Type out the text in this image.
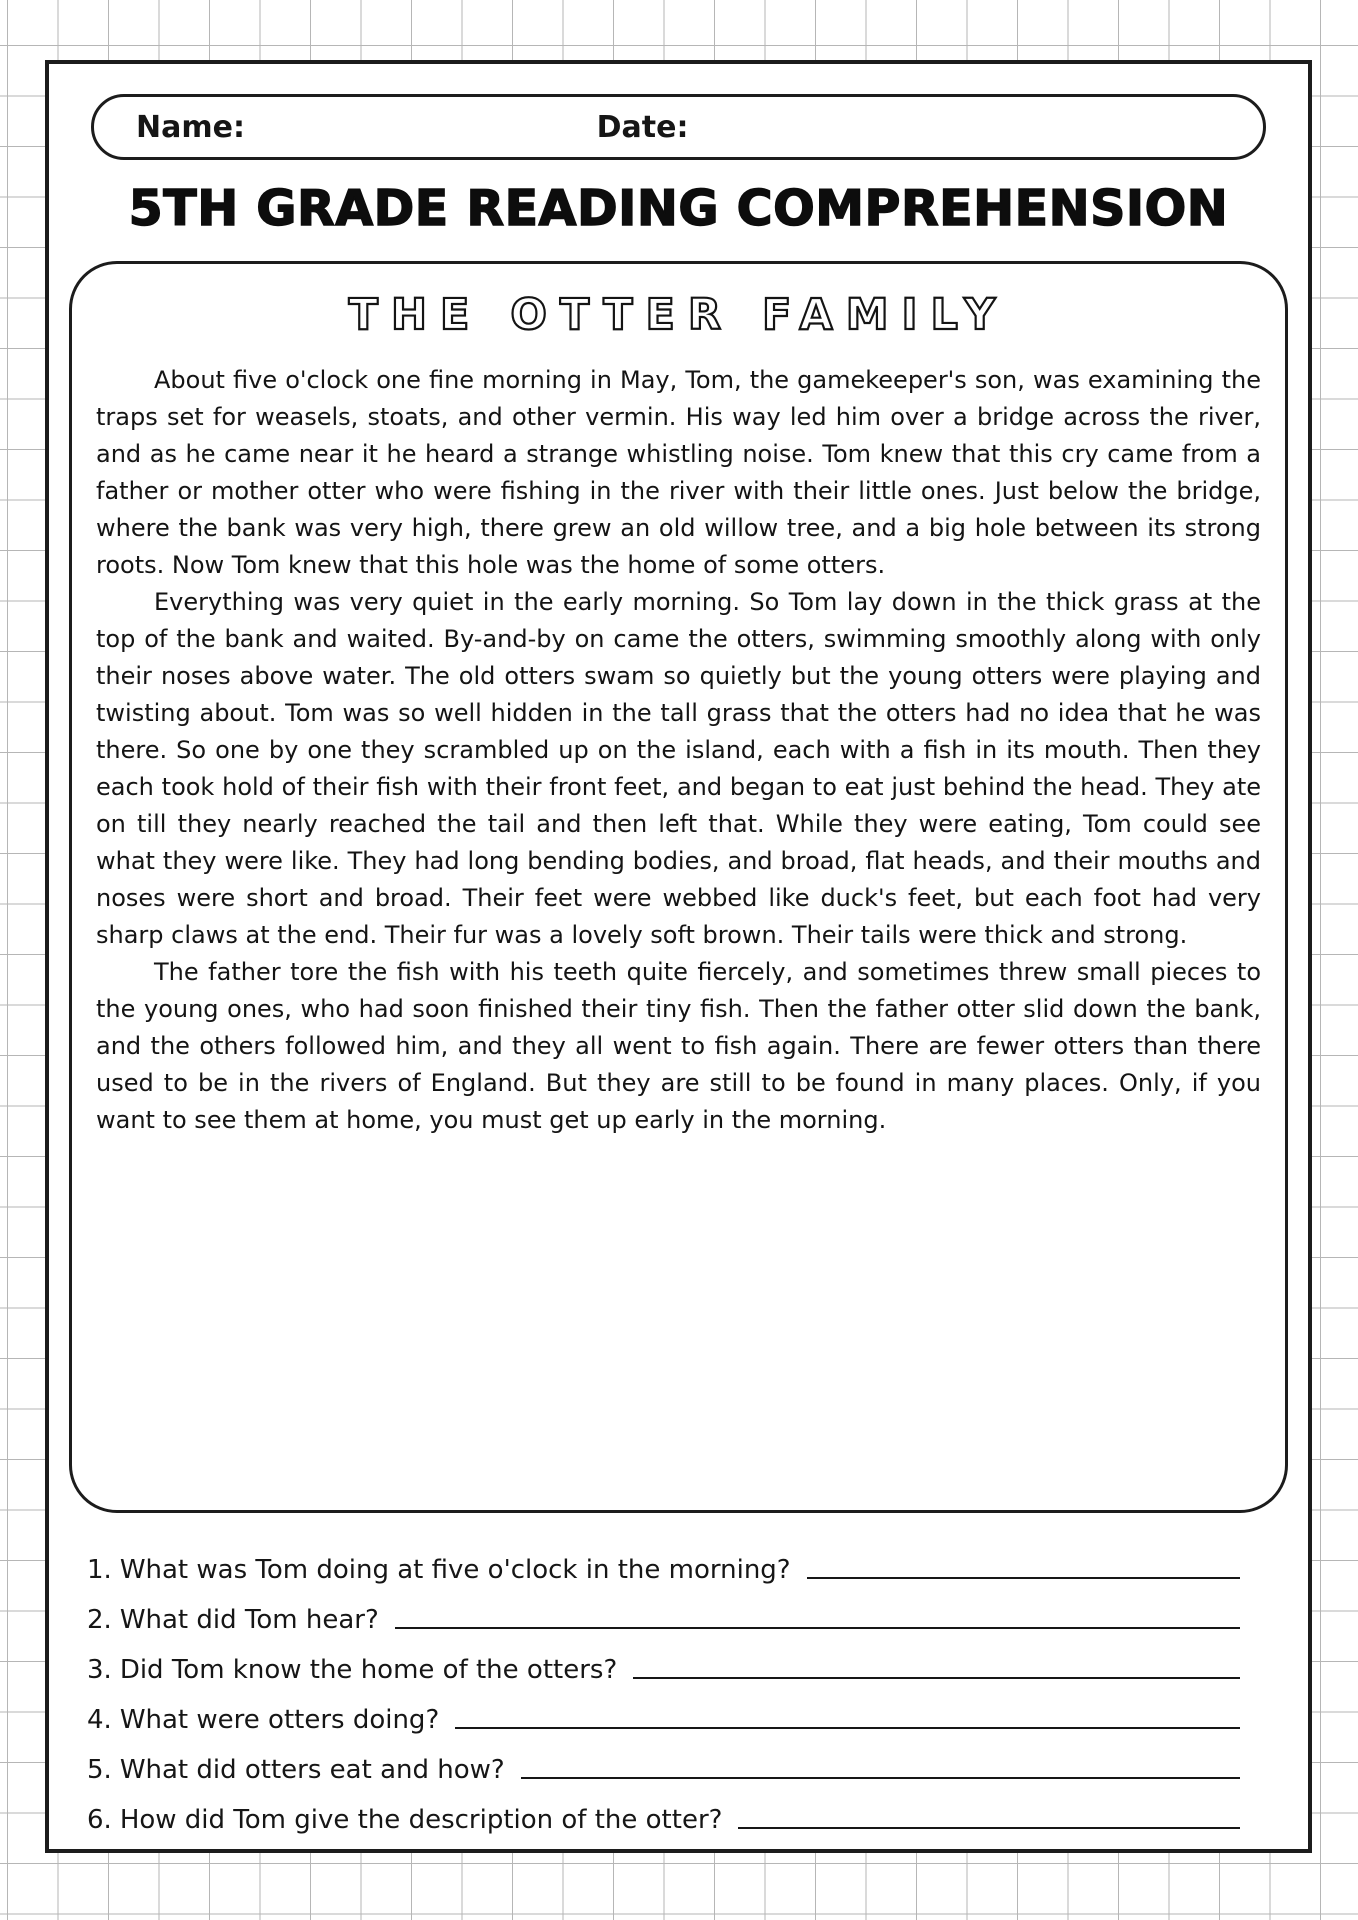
Name:	Date:
5TH GRADE READING COMPREHENSION
THE OTTER FAMILY

About five o'clock one fine morning in May, Tom, the gamekeeper's son, was examining the traps set for weasels, stoats, and other vermin. His way led him over a bridge across the river, and as he came near it he heard a strange whistling noise. Tom knew that this cry came from a father or mother otter who were fishing in the river with their little ones. Just below the bridge, where the bank was very high, there grew an old willow tree, and a big hole between its strong roots. Now Tom knew that this hole was the home of some otters.

Everything was very quiet in the early morning. So Tom lay down in the thick grass at the top of the bank and waited. By-and-by on came the otters, swimming smoothly along with only their noses above water. The old otters swam so quietly but the young otters were playing and twisting about. Tom was so well hidden in the tall grass that the otters had no idea that he was there. So one by one they scrambled up on the island, each with a fish in its mouth. Then they each took hold of their fish with their front feet, and began to eat just behind the head. They ate on till they nearly reached the tail and then left that. While they were eating, Tom could see what they were like. They had long bending bodies, and broad, flat heads, and their mouths and noses were short and broad. Their feet were webbed like duck's feet, but each foot had very sharp claws at the end. Their fur was a lovely soft brown. Their tails were thick and strong.

The father tore the fish with his teeth quite fiercely, and sometimes threw small pieces to the young ones, who had soon finished their tiny fish. Then the father otter slid down the bank, and the others followed him, and they all went to fish again. There are fewer otters than there used to be in the rivers of England. But they are still to be found in many places. Only, if you want to see them at home, you must get up early in the morning.

1. What was Tom doing at five o'clock in the morning?
2. What did Tom hear?
3. Did Tom know the home of the otters?
4. What were otters doing?
5. What did otters eat and how?
6. How did Tom give the description of the otter?
